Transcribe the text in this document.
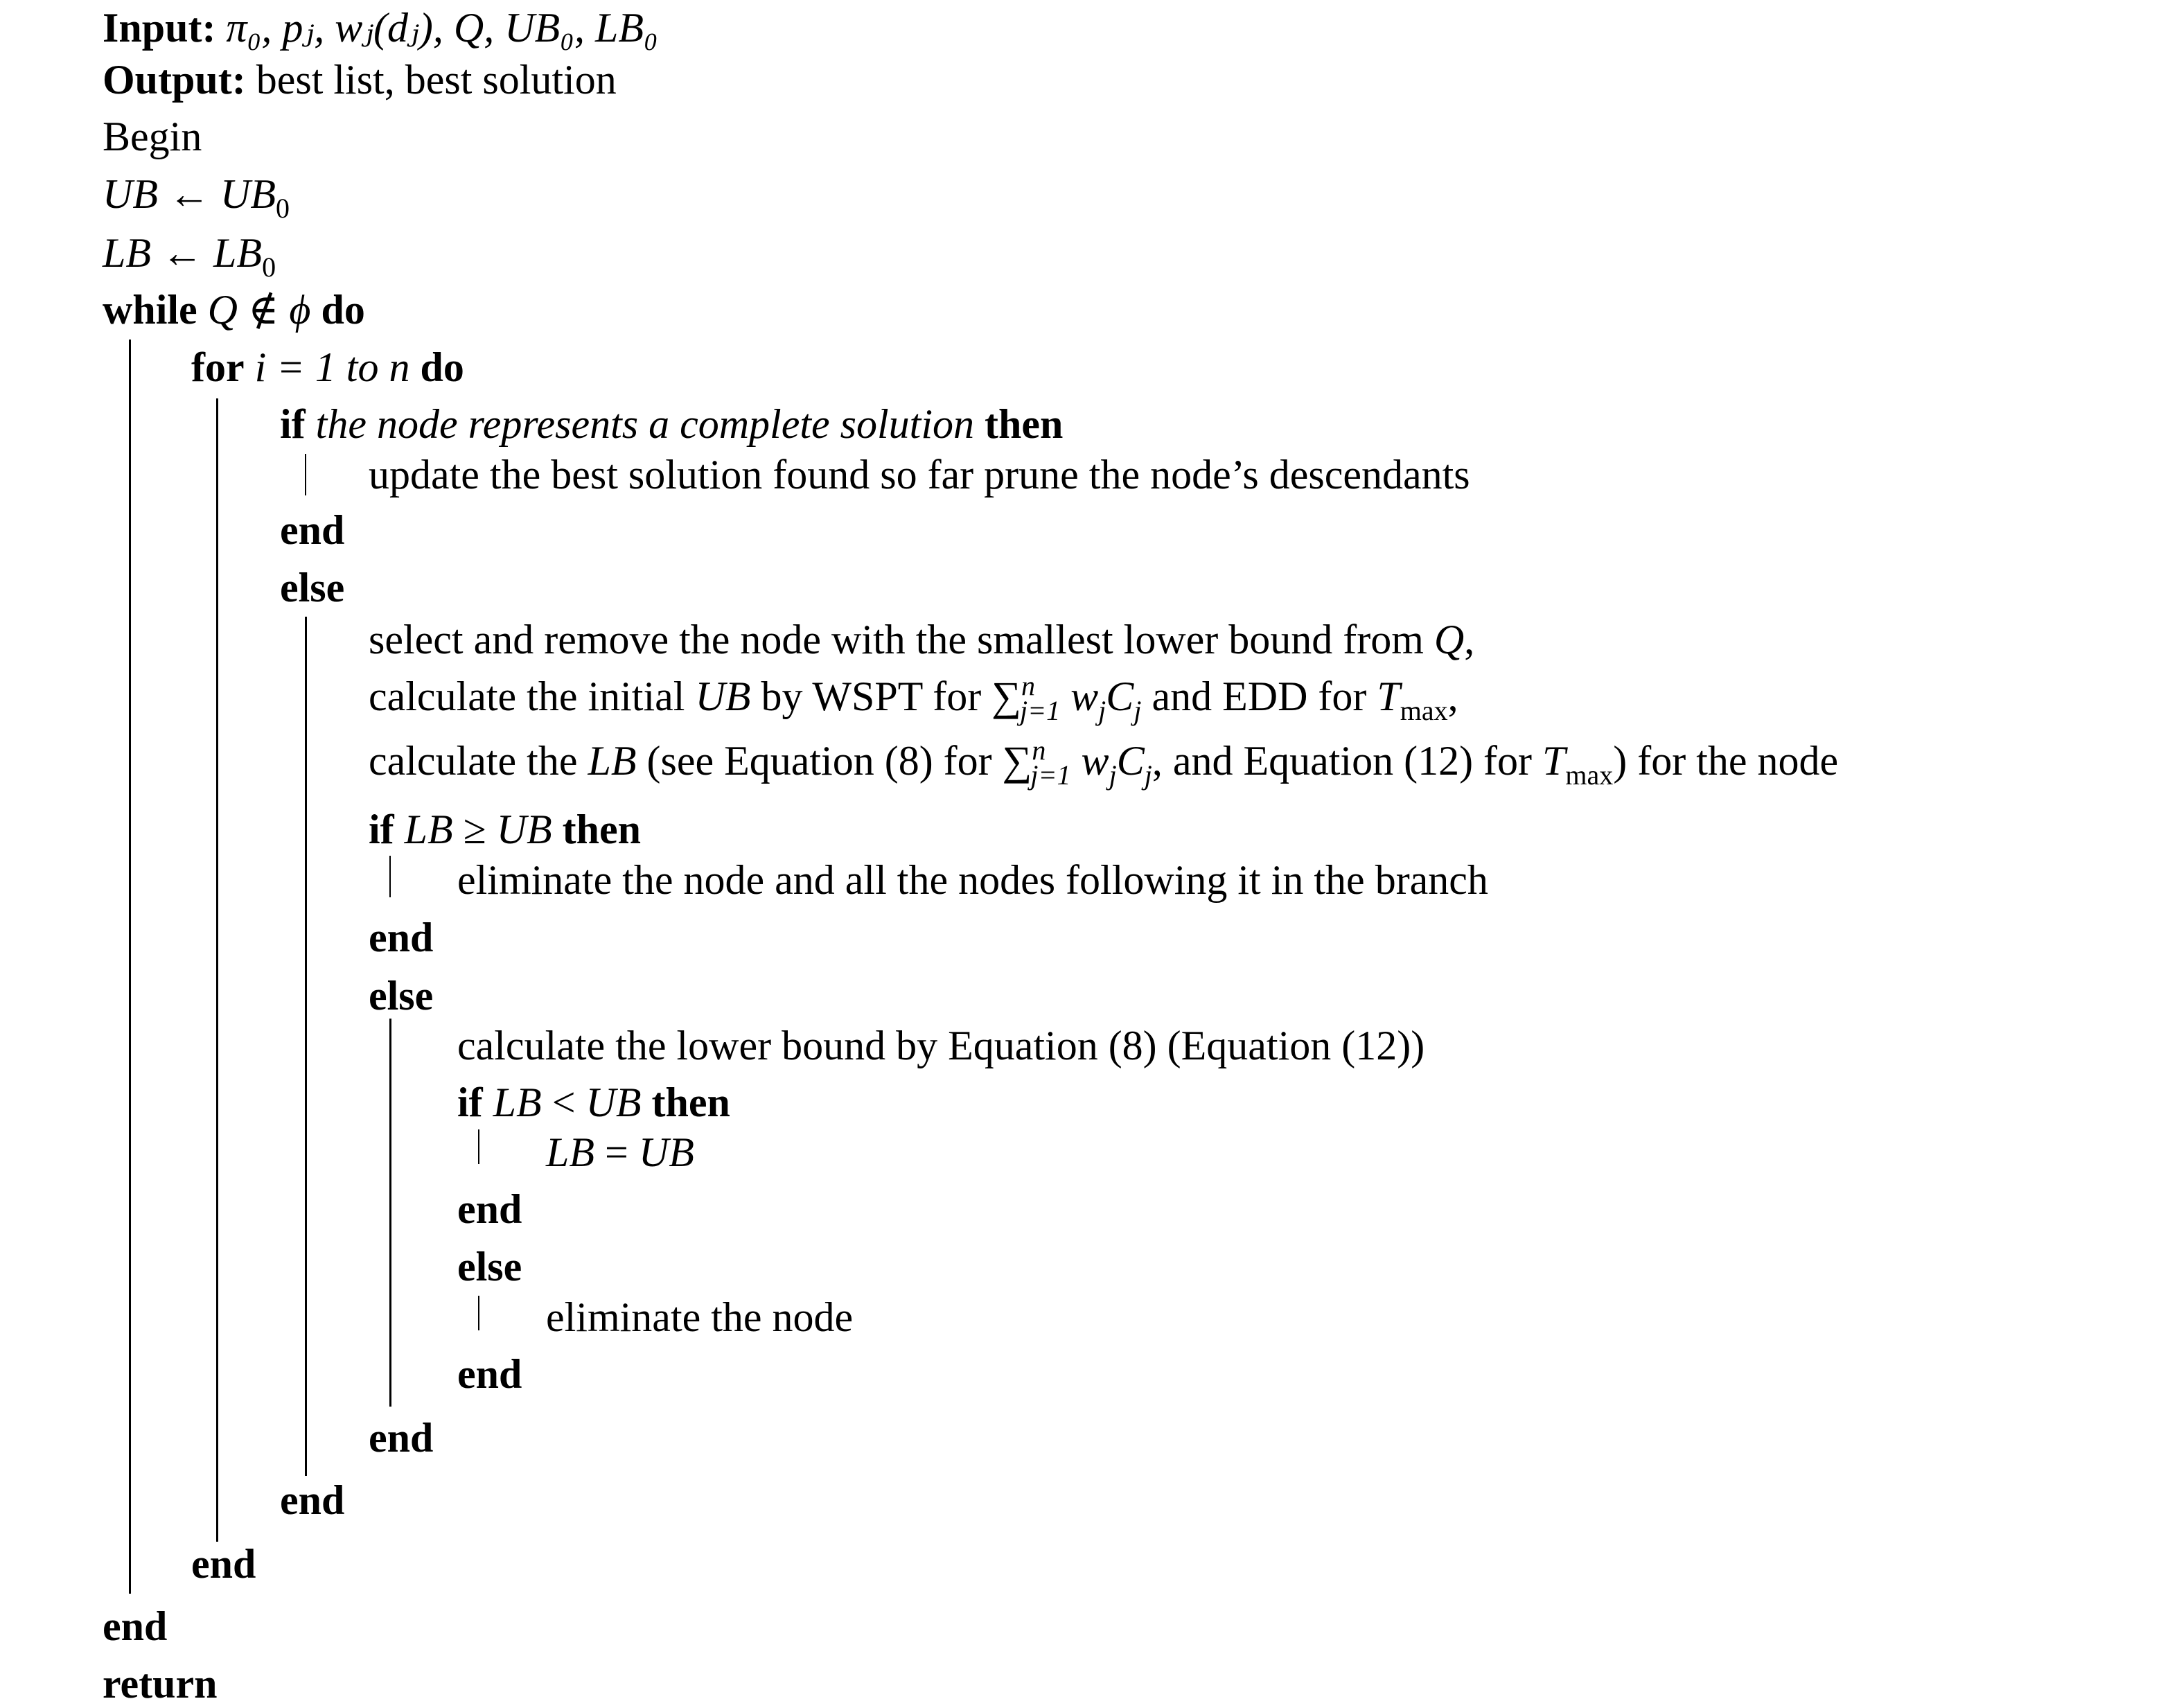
Input: π₀, pⱼ, wⱼ(dⱼ), Q, UB₀, LB₀
Output: best list, best solution
Begin
UB ← $UB_0$
LB ← $LB_0$
while Q ∉ ϕ do
for i = 1 to n do
if the node represents a complete solution then
update the best solution found so far prune the node’s descendants
end
else
select and remove the node with the smallest lower bound from Q,
calculate the initial UB by WSPT for ∑$^n_{j=1}$ $w_jC_j$ and EDD for $T_{max}$,
calculate the LB (see Equation (8) for ∑$^n_{j=1}$ $w_jC_j$, and Equation (12) for $T_{max}$) for the node
if LB ≥ UB then
eliminate the node and all the nodes following it in the branch
end
else
calculate the lower bound by Equation (8) (Equation (12))
if LB < UB then
LB = UB
end
else
eliminate the node
end
end
end
end
end
return
